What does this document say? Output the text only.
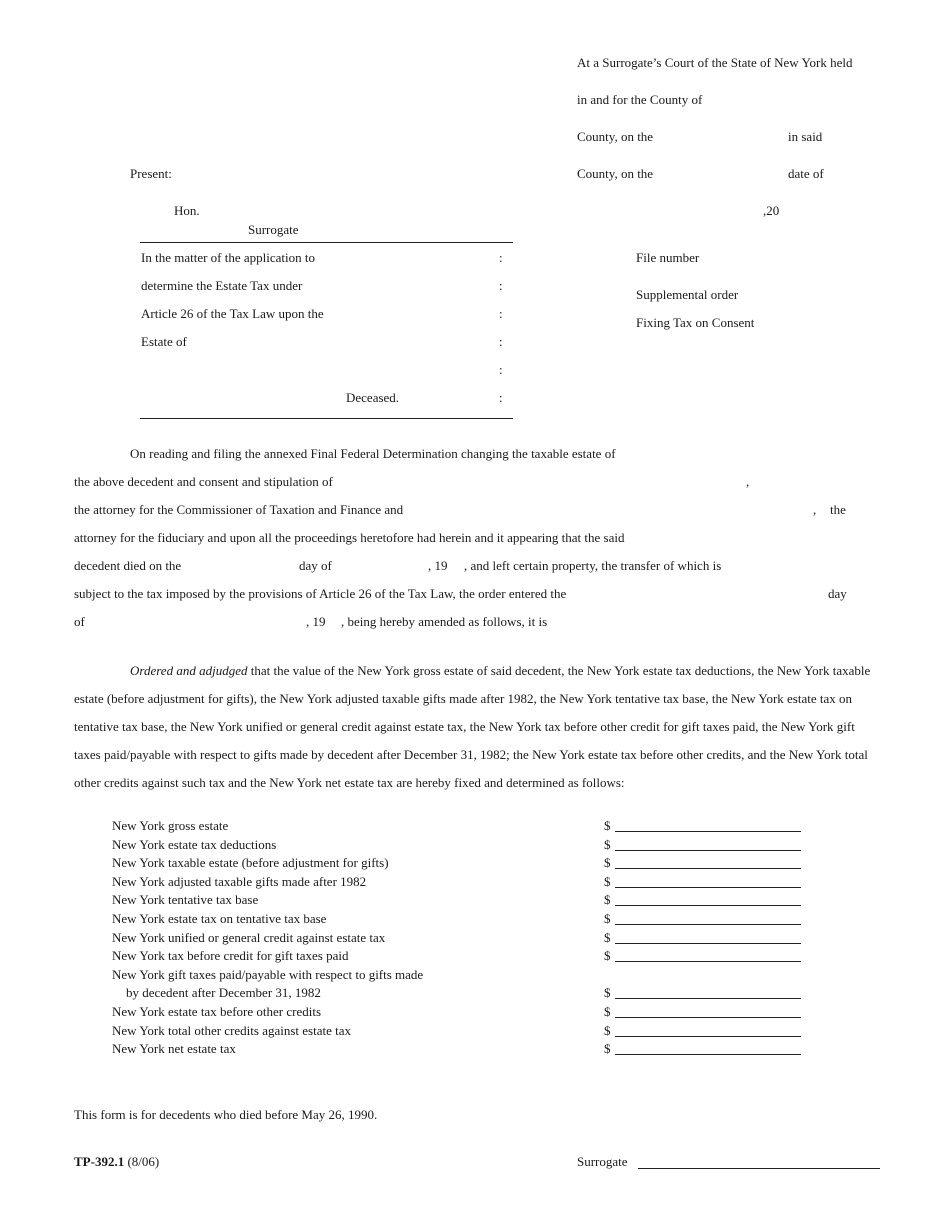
At a Surrogate’s Court of the State of New York held
in and for the County of
County, on the	in said
County, on the	date of
,20
Present:
Hon.
Surrogate
In the matter of the application to
determine the Estate Tax under
Article 26 of the Tax Law upon the
Estate of
Deceased.
:
:
:
:
:
:
File number
Supplemental order
Fixing Tax on Consent
On reading and filing the annexed Final Federal Determination changing the taxable estate of
the above decedent and consent and stipulation of	,
the attorney for the Commissioner of Taxation and Finance and	, the
attorney for the fiduciary and upon all the proceedings heretofore had herein and it appearing that the said
decedent died on the	day of	, 19 , and left certain property, the transfer of which is
subject to the tax imposed by the provisions of Article 26 of the Tax Law, the order entered the	day
of	, 19 , being hereby amended as follows, it is
Ordered and adjudged that the value of the New York gross estate of said decedent, the New York estate tax deductions, the New York taxable estate (before adjustment for gifts), the New York adjusted taxable gifts made after 1982, the New York tentative tax base, the New York estate tax on tentative tax base, the New York unified or general credit against estate tax, the New York tax before other credit for gift taxes paid, the New York gift taxes paid/payable with respect to gifts made by decedent after December 31, 1982; the New York estate tax before other credits, and the New York total other credits against such tax and the New York net estate tax are hereby fixed and determined as follows:
New York gross estate	$
New York estate tax deductions	$
New York taxable estate (before adjustment for gifts)	$
New York adjusted taxable gifts made after 1982	$
New York tentative tax base	$
New York estate tax on tentative tax base	$
New York unified or general credit against estate tax	$
New York tax before credit for gift taxes paid	$
New York gift taxes paid/payable with respect to gifts made
by decedent after December 31, 1982	$
New York estate tax before other credits	$
New York total other credits against estate tax	$
New York net estate tax	$
This form is for decedents who died before May 26, 1990.
TP-392.1 (8/06)	Surrogate
